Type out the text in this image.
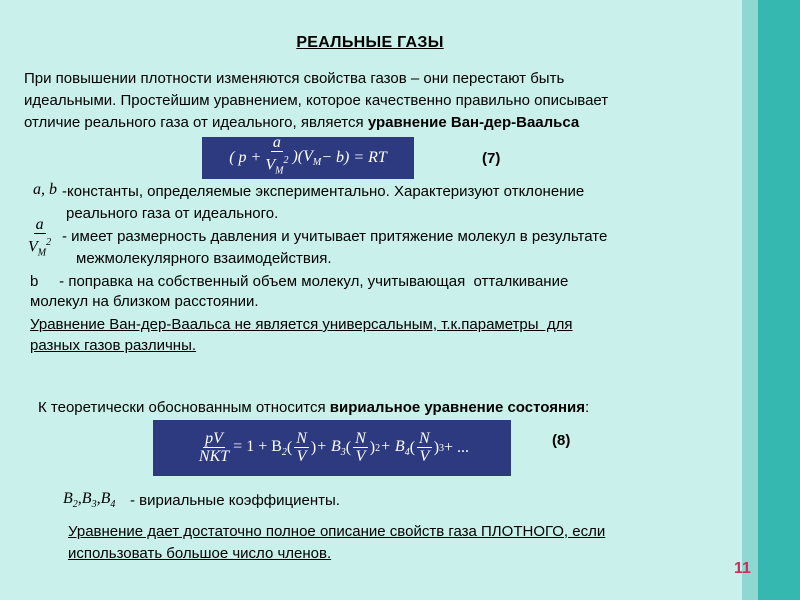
РЕАЛЬНЫЕ ГАЗЫ
При повышении плотности изменяются свойства газов – они перестают быть
идеальными. Простейшим уравнением, которое качественно правильно описывает
отличие реального газа от идеального, является уравнение Ван-дер-Ваальса
( $p + \frac{a}{V_M^2} )(V_M - b)$ = RT	(7)
a, b -константы, определяемые экспериментально. Характеризуют отклонение
реального газа от идеального.
$\frac{a}{V_M^2}$ - имеет размерность давления и учитывает притяжение молекул в результате
межмолекулярного взаимодействия.
b     - поправка на собственный объем молекул, учитывающая  отталкивание
молекул на близком расстоянии.
Уравнение Ван-дер-Ваальса не является универсальным, т.к.параметры  для
разных газов различны.
К теоретически обоснованным относится вириальное уравнение состояния:
$\frac{pV}{\text{NKT}} = 1 + B_2$ ( $\frac{N}{V}$ ) + $B_3$ ( $\frac{N}{V}$ ) $2 + B_4$ ( $\frac{N}{V}$ ) 3 + ...	(8)
$B_2,B_3,B_4$ - вириальные коэффициенты.
Уравнение дает достаточно полное описание свойств газа ПЛОТНОГО, если
использовать большое число членов.
11
